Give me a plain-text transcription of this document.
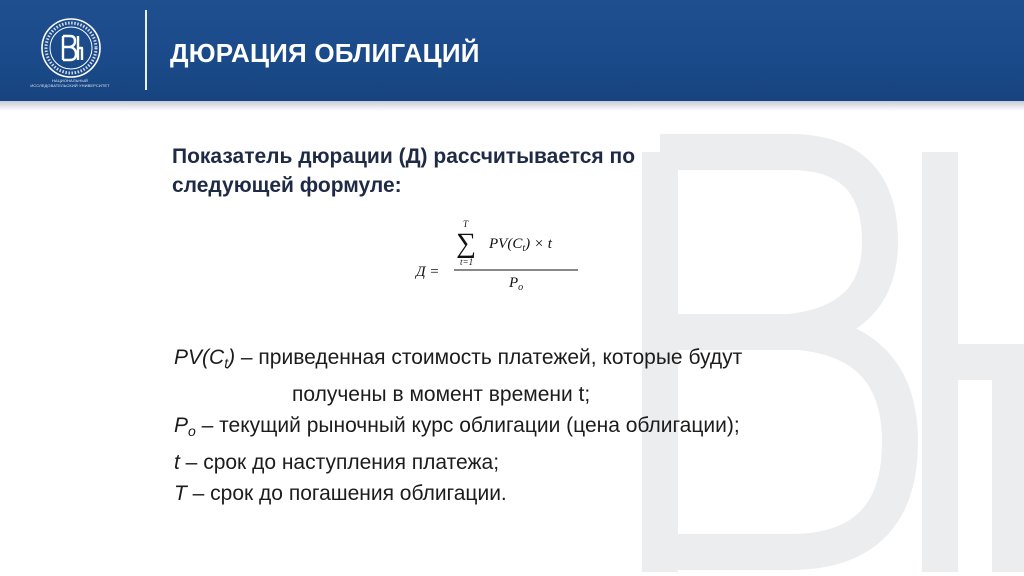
НАЦИОНАЛЬНЫЙ ИССЛЕДОВАТЕЛЬСКИЙ УНИВЕРСИТЕТ
ДЮРАЦИЯ ОБЛИГАЦИЙ

Показатель дюрации (Д) рассчитывается по
следующей формуле:

Д =
T
∑
t=1
$PV(C_t) \times t$
$P_o$

$PV(C_t)$ – приведенная стоимость платежей, которые будут

получены в момент времени t;

$P_o$ – текущий рыночный курс облигации (цена облигации);

t – срок до наступления платежа;

T – срок до погашения облигации.
